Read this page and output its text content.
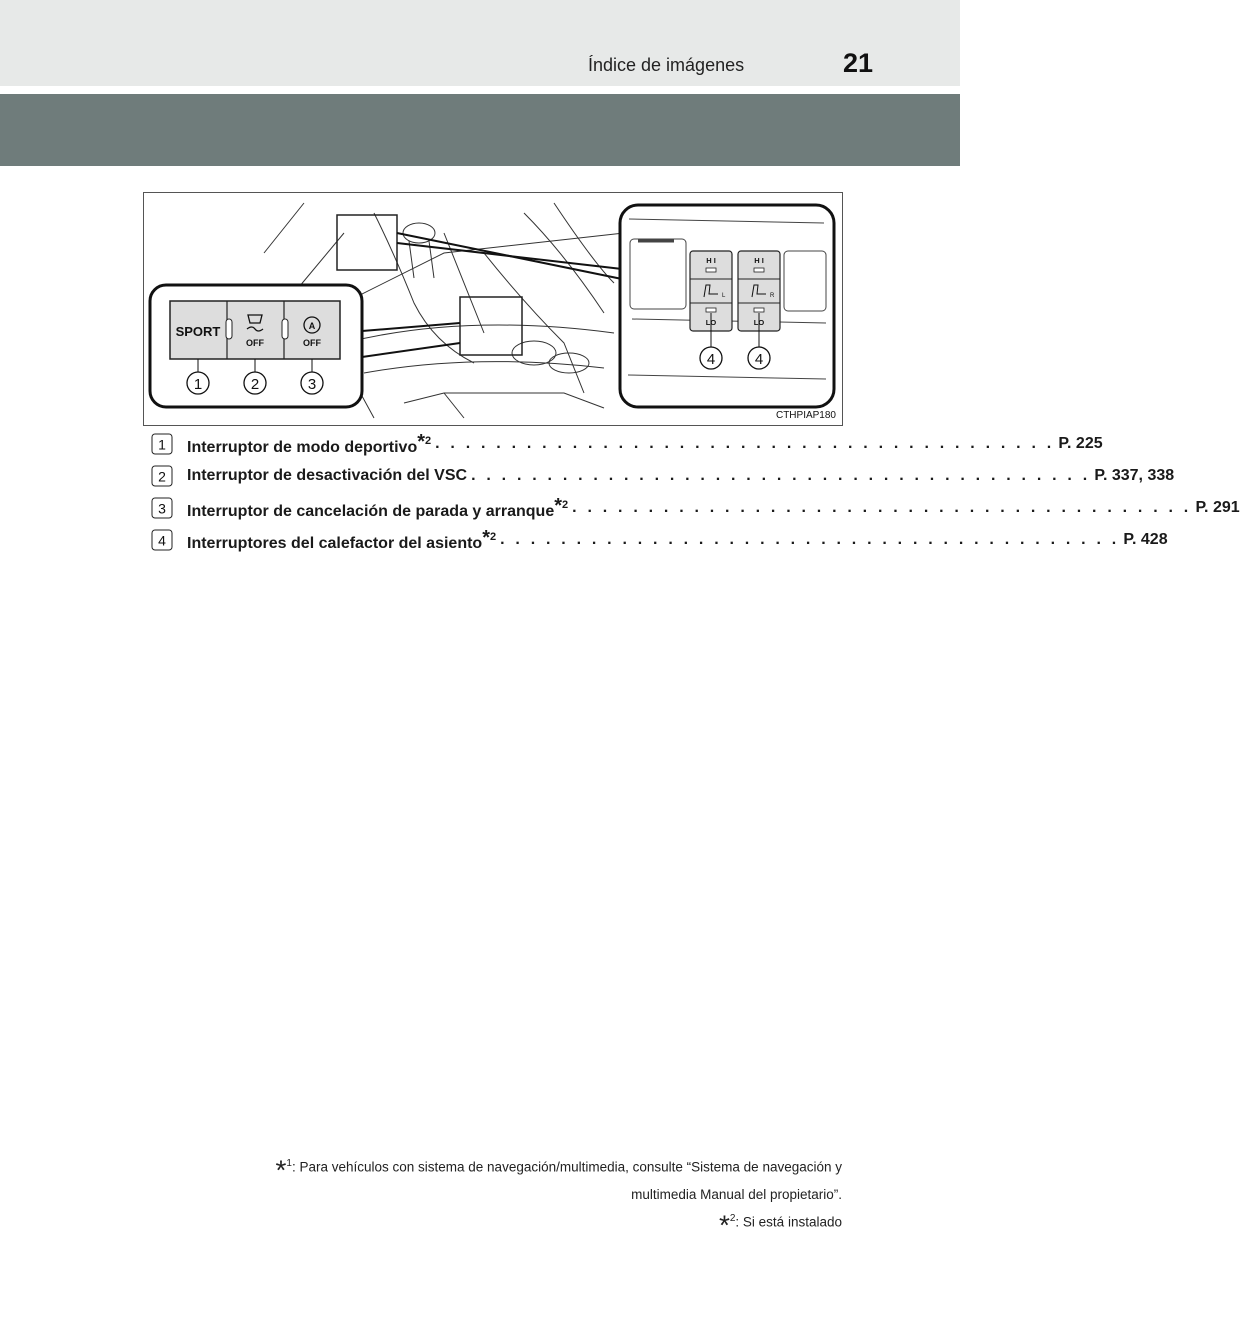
Índice de imágenes	21
SPORT
OFF
A
OFF
1	2	3
H I
L
LO
H I
R
LO
4	4
CTHPIAP180
1 Interruptor de modo deportivo*$^2$ . . . . . . . . . . . . . . . . . . . . . . . . . . . . . . . . . . . . . . . . . P. 225
2 Interruptor de desactivación del VSC . . . . . . . . . . . . . . . . . . . . . . . . . . . . . . . . . . . . . . . . . P. 337, 338
3 Interruptor de cancelación de parada y arranque*$^2$ . . . . . . . . . . . . . . . . . . . . . . . . . . . . . . . . . . . . . . . . . P. 291
4 Interruptores del calefactor del asiento*$^2$ . . . . . . . . . . . . . . . . . . . . . . . . . . . . . . . . . . . . . . . . . P. 428
*$^1$: Para vehículos con sistema de navegación/multimedia, consulte “Sistema de navegación y
multimedia Manual del propietario”.
*$^2$: Si está instalado
